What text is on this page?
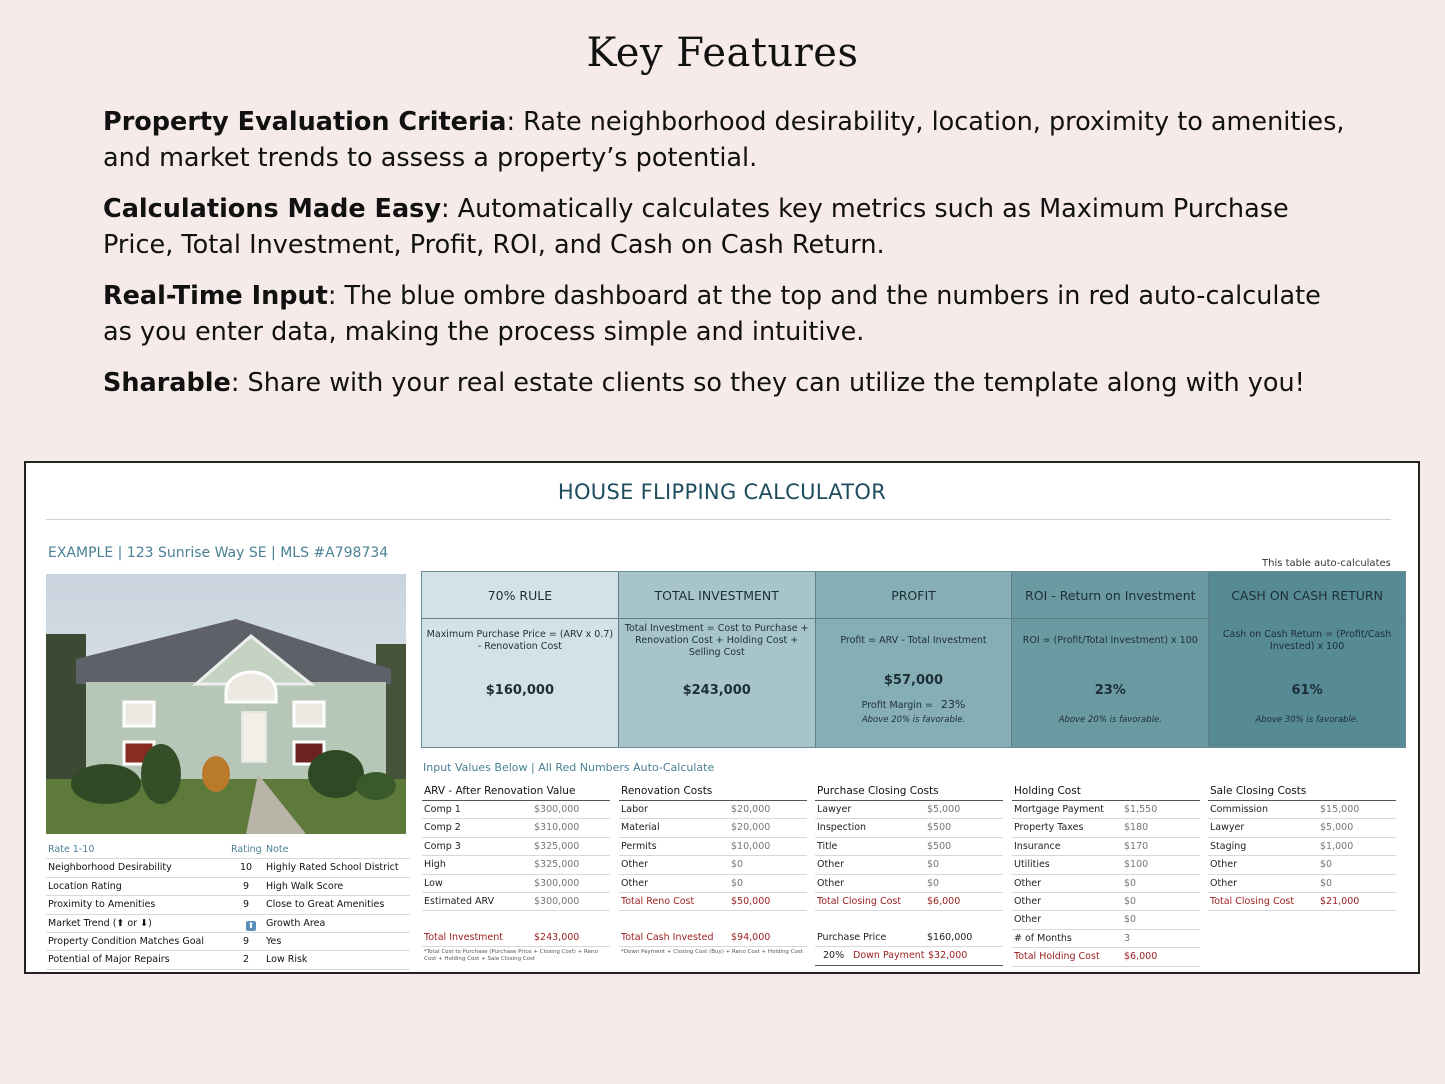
Key Features

Property Evaluation Criteria: Rate neighborhood desirability, location, proximity to amenities, and market trends to assess a property’s potential.

Calculations Made Easy: Automatically calculates key metrics such as Maximum Purchase Price, Total Investment, Profit, ROI, and Cash on Cash Return.

Real-Time Input: The blue ombre dashboard at the top and the numbers in red auto-calculate as you enter data, making the process simple and intuitive.

Sharable: Share with your real estate clients so they can utilize the template along with you!

HOUSE FLIPPING CALCULATOR
EXAMPLE | 123 Sunrise Way SE | MLS #A798734
This table auto-calculates
Rate 1-10	Rating Note
Neighborhood Desirability	10	Highly Rated School District
Location Rating	9	High Walk Score
Proximity to Amenities	9	Close to Great Amenities
Market Trend (⬆ or ⬇)	⬆ Growth Area
Property Condition Matches Goal	9	Yes
Potential of Major Repairs	2	Low Risk
70% RULE
Maximum Purchase Price = (ARV x 0.7) - Renovation Cost
$160,000
TOTAL INVESTMENT
Total Investment = Cost to Purchase + Renovation Cost + Holding Cost + Selling Cost
$243,000
PROFIT
Profit = ARV - Total Investment
$57,000
Profit Margin = 23%
Above 20% is favorable.
ROI - Return on Investment
ROI = (Profit/Total Investment) x 100
23%
Above 20% is favorable.
CASH ON CASH RETURN
Cash on Cash Return = (Profit/Cash Invested) x 100
61%
Above 30% is favorable.
Input Values Below | All Red Numbers Auto-Calculate
ARV - After Renovation Value
Comp 1	$300,000
Comp 2	$310,000
Comp 3	$325,000
High	$325,000
Low	$300,000
Estimated ARV	$300,000
Total Investment	$243,000
*Total Cost to Purchase (Purchase Price + Closing Cost) + Reno Cost + Holding Cost + Sale Closing Cost
Renovation Costs
Labor	$20,000
Material	$20,000
Permits	$10,000
Other	$0
Other	$0
Total Reno Cost	$50,000
Total Cash Invested $94,000
*Down Payment + Closing Cost (Buy) + Reno Cost + Holding Cost
Purchase Closing Costs
Lawyer	$5,000
Inspection	$500
Title	$500
Other	$0
Other	$0
Total Closing Cost	$6,000
Purchase Price	$160,000
20% Down Payment $32,000
Holding Cost
Mortgage Payment $1,550
Property Taxes	$180
Insurance	$170
Utilities	$100
Other	$0
Other	$0
Other	$0
# of Months	3
Total Holding Cost	$6,000
Sale Closing Costs
Commission	$15,000
Lawyer	$5,000
Staging	$1,000
Other	$0
Other	$0
Total Closing Cost	$21,000
